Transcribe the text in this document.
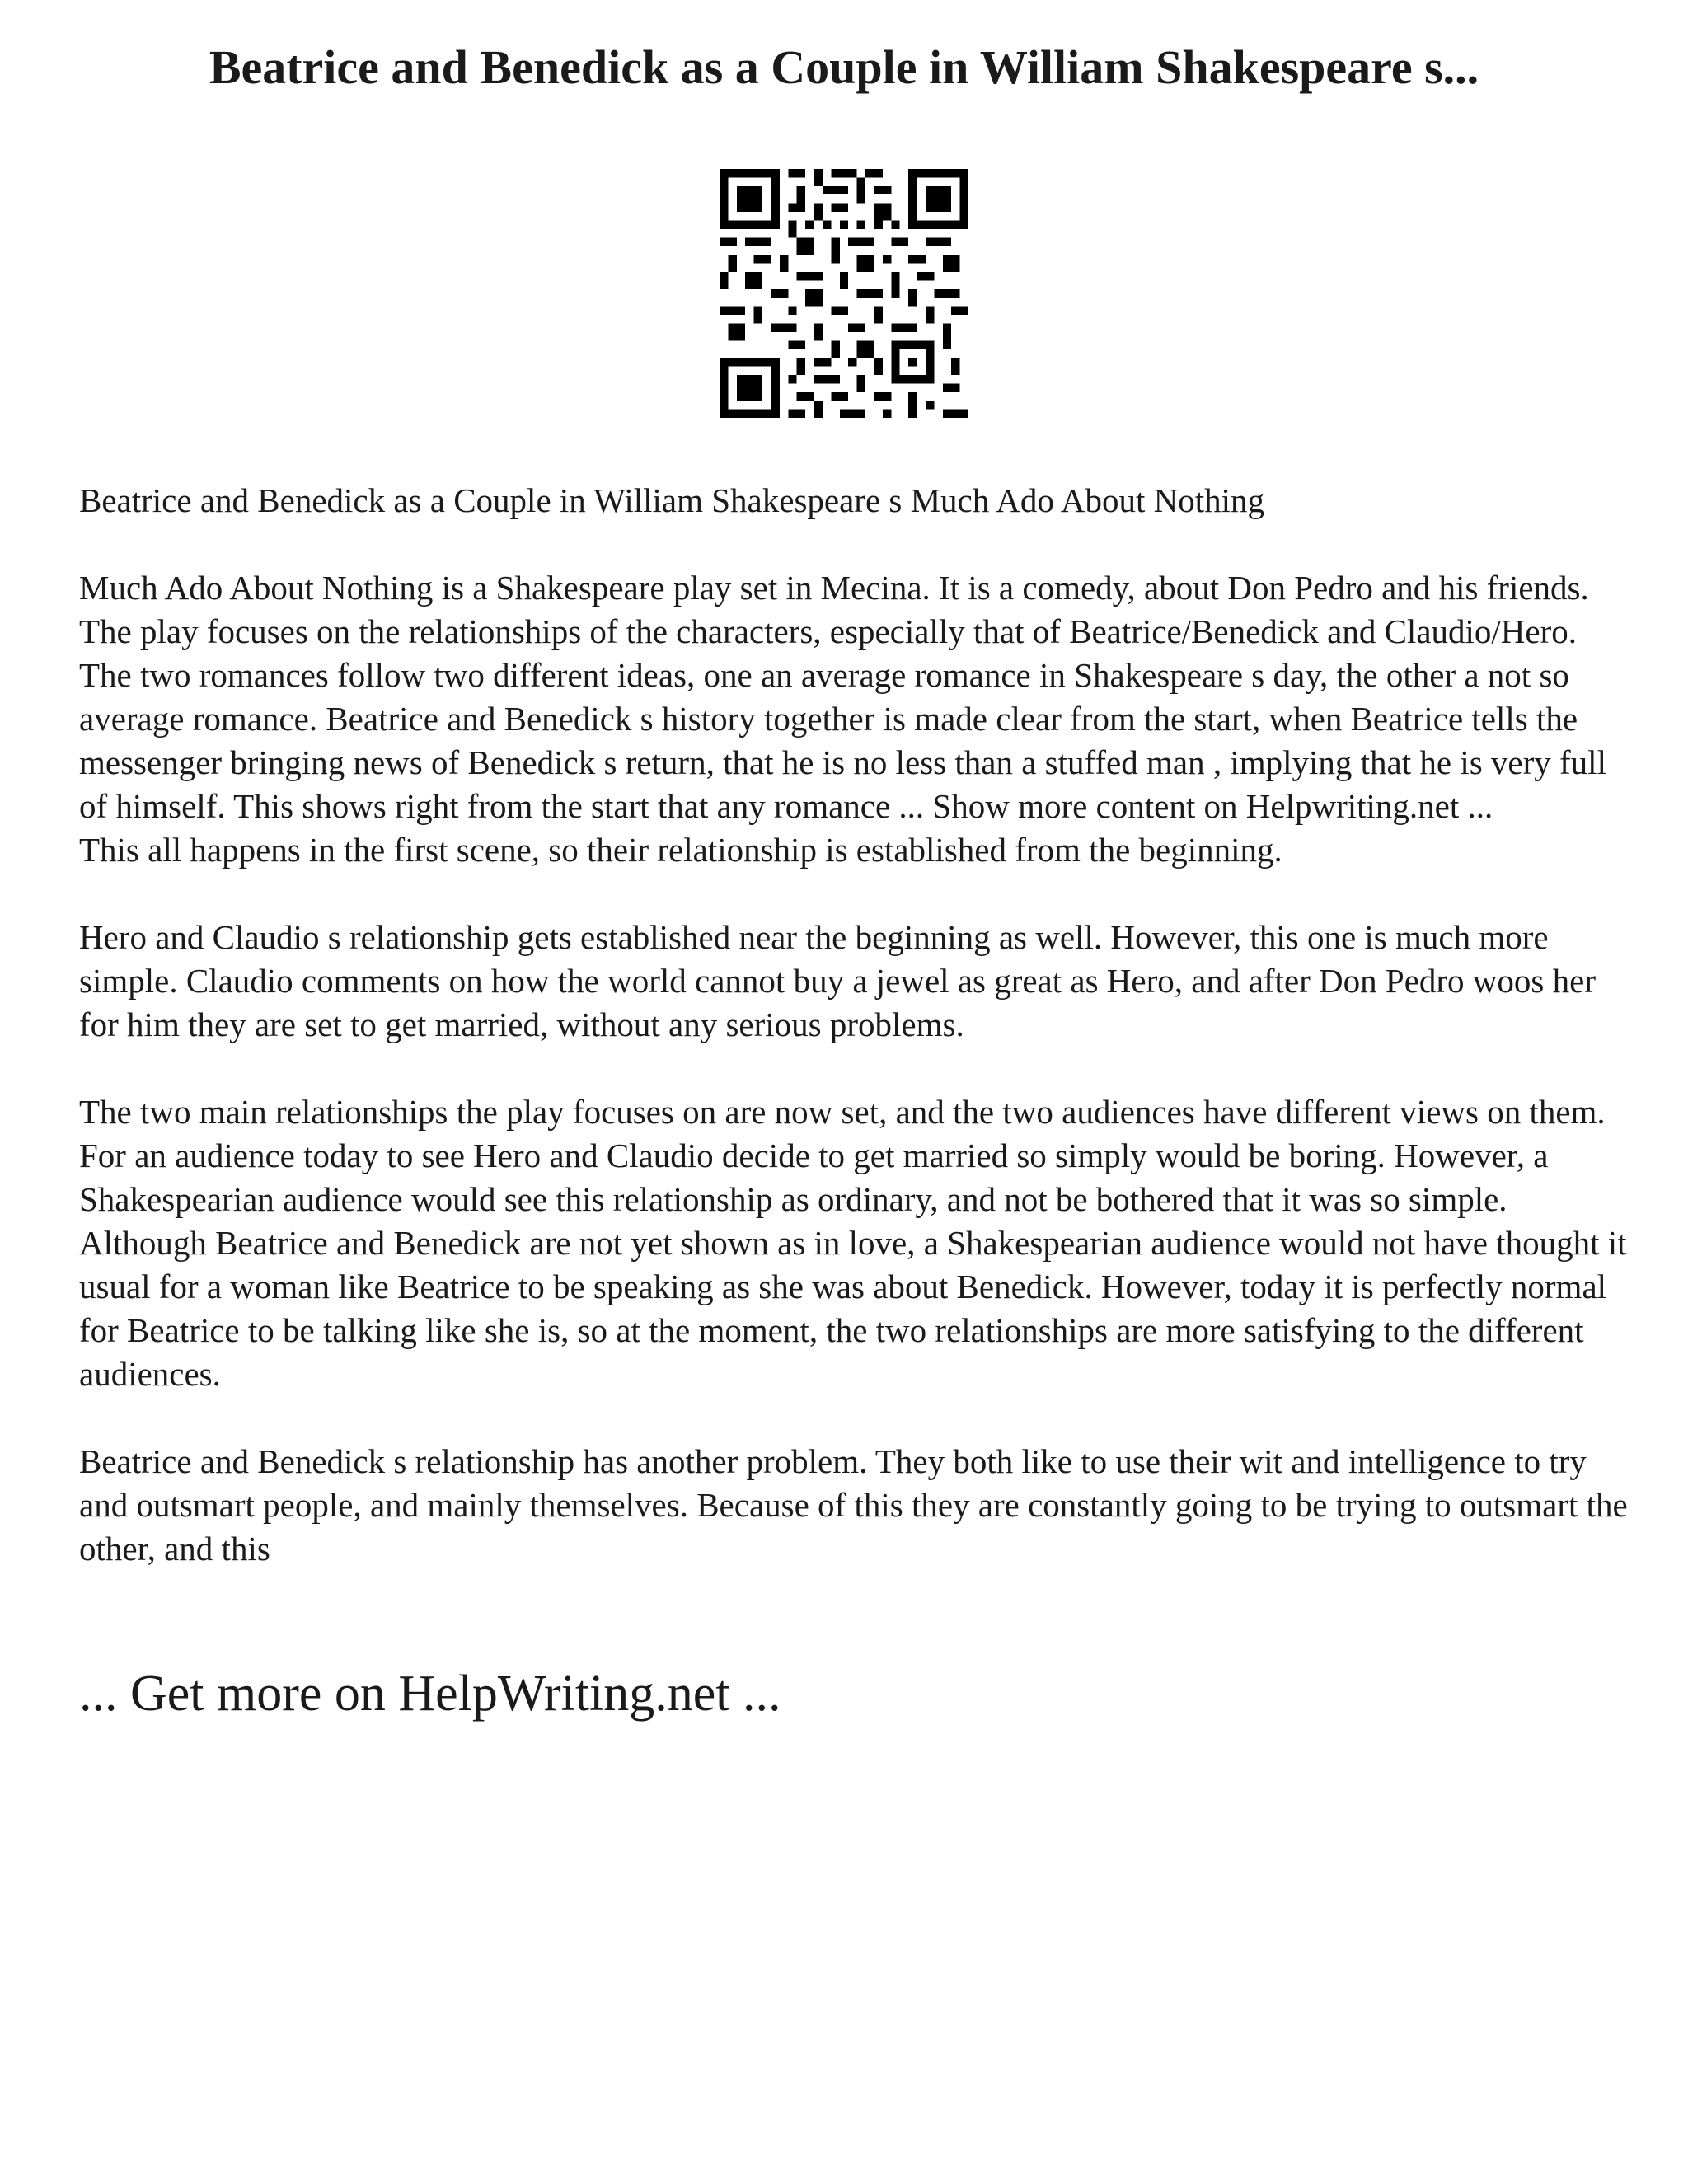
Beatrice and Benedick as a Couple in William Shakespeare s...

Beatrice and Benedick as a Couple in William Shakespeare s Much Ado About Nothing

Much Ado About Nothing is a Shakespeare play set in Mecina. It is a comedy, about Don Pedro and his friends. The play focuses on the relationships of the characters, especially that of Beatrice/Benedick and Claudio/Hero. The two romances follow two different ideas, one an average romance in Shakespeare s day, the other a not so average romance. Beatrice and Benedick s history together is made clear from the start, when Beatrice tells the messenger bringing news of Benedick s return, that he is no less than a stuffed man , implying that he is very full of himself. This shows right from the start that any romance ... Show more content on Helpwriting.net ...

This all happens in the first scene, so their relationship is established from the beginning.

Hero and Claudio s relationship gets established near the beginning as well. However, this one is much more simple. Claudio comments on how the world cannot buy a jewel as great as Hero, and after Don Pedro woos her for him they are set to get married, without any serious problems.

The two main relationships the play focuses on are now set, and the two audiences have different views on them. For an audience today to see Hero and Claudio decide to get married so simply would be boring. However, a Shakespearian audience would see this relationship as ordinary, and not be bothered that it was so simple. Although Beatrice and Benedick are not yet shown as in love, a Shakespearian audience would not have thought it usual for a woman like Beatrice to be speaking as she was about Benedick. However, today it is perfectly normal for Beatrice to be talking like she is, so at the moment, the two relationships are more satisfying to the different audiences.

Beatrice and Benedick s relationship has another problem. They both like to use their wit and intelligence to try and outsmart people, and mainly themselves. Because of this they are constantly going to be trying to outsmart the other, and this

... Get more on HelpWriting.net ...
